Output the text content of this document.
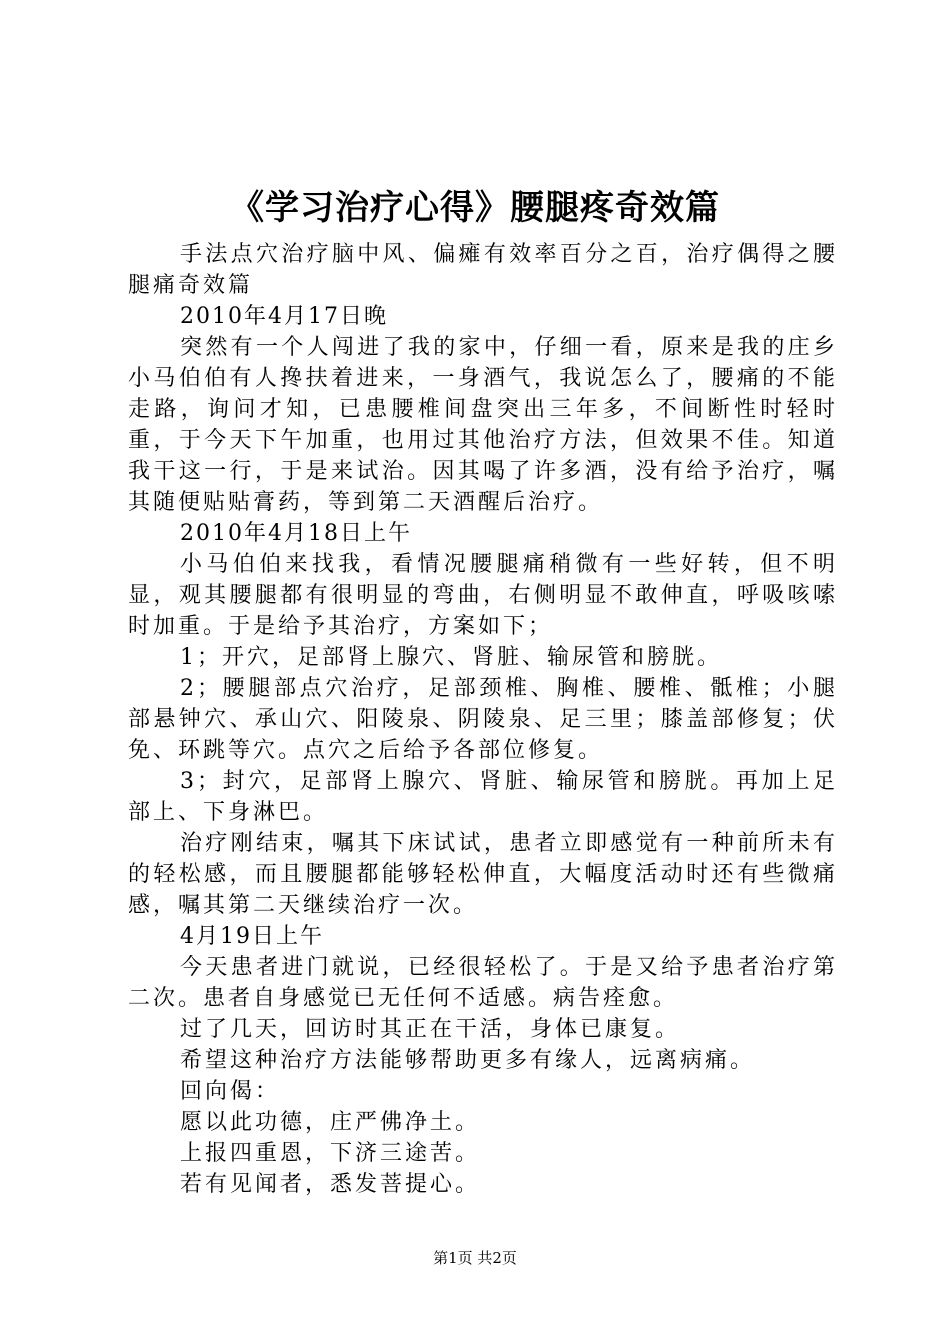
《学习治疗心得》腰腿疼奇效篇

手法点穴治疗脑中风、偏瘫有效率百分之百，治疗偶得之腰腿痛奇效篇

2010年4月17日晚

突然有一个人闯进了我的家中，仔细一看，原来是我的庄乡小马伯伯有人搀扶着进来，一身酒气，我说怎么了，腰痛的不能走路，询问才知，已患腰椎间盘突出三年多，不间断性时轻时重，于今天下午加重，也用过其他治疗方法，但效果不佳。知道我干这一行，于是来试治。因其喝了许多酒，没有给予治疗，嘱其随便贴贴膏药，等到第二天酒醒后治疗。

2010年4月18日上午

小马伯伯来找我，看情况腰腿痛稍微有一些好转，但不明显，观其腰腿都有很明显的弯曲，右侧明显不敢伸直，呼吸咳嗦时加重。于是给予其治疗，方案如下；

1；开穴，足部肾上腺穴、肾脏、输尿管和膀胱。

2；腰腿部点穴治疗，足部颈椎、胸椎、腰椎、骶椎；小腿部悬钟穴、承山穴、阳陵泉、阴陵泉、足三里；膝盖部修复；伏免、环跳等穴。点穴之后给予各部位修复。

3；封穴，足部肾上腺穴、肾脏、输尿管和膀胱。再加上足部上、下身淋巴。

治疗刚结束，嘱其下床试试，患者立即感觉有一种前所未有的轻松感，而且腰腿都能够轻松伸直，大幅度活动时还有些微痛感，嘱其第二天继续治疗一次。

4月19日上午

今天患者进门就说，已经很轻松了。于是又给予患者治疗第二次。患者自身感觉已无任何不适感。病告痊愈。

过了几天，回访时其正在干活，身体已康复。

希望这种治疗方法能够帮助更多有缘人，远离病痛。

回向偈：

愿以此功德，庄严佛净土。

上报四重恩，下济三途苦。

若有见闻者，悉发菩提心。

第1页 共2页
